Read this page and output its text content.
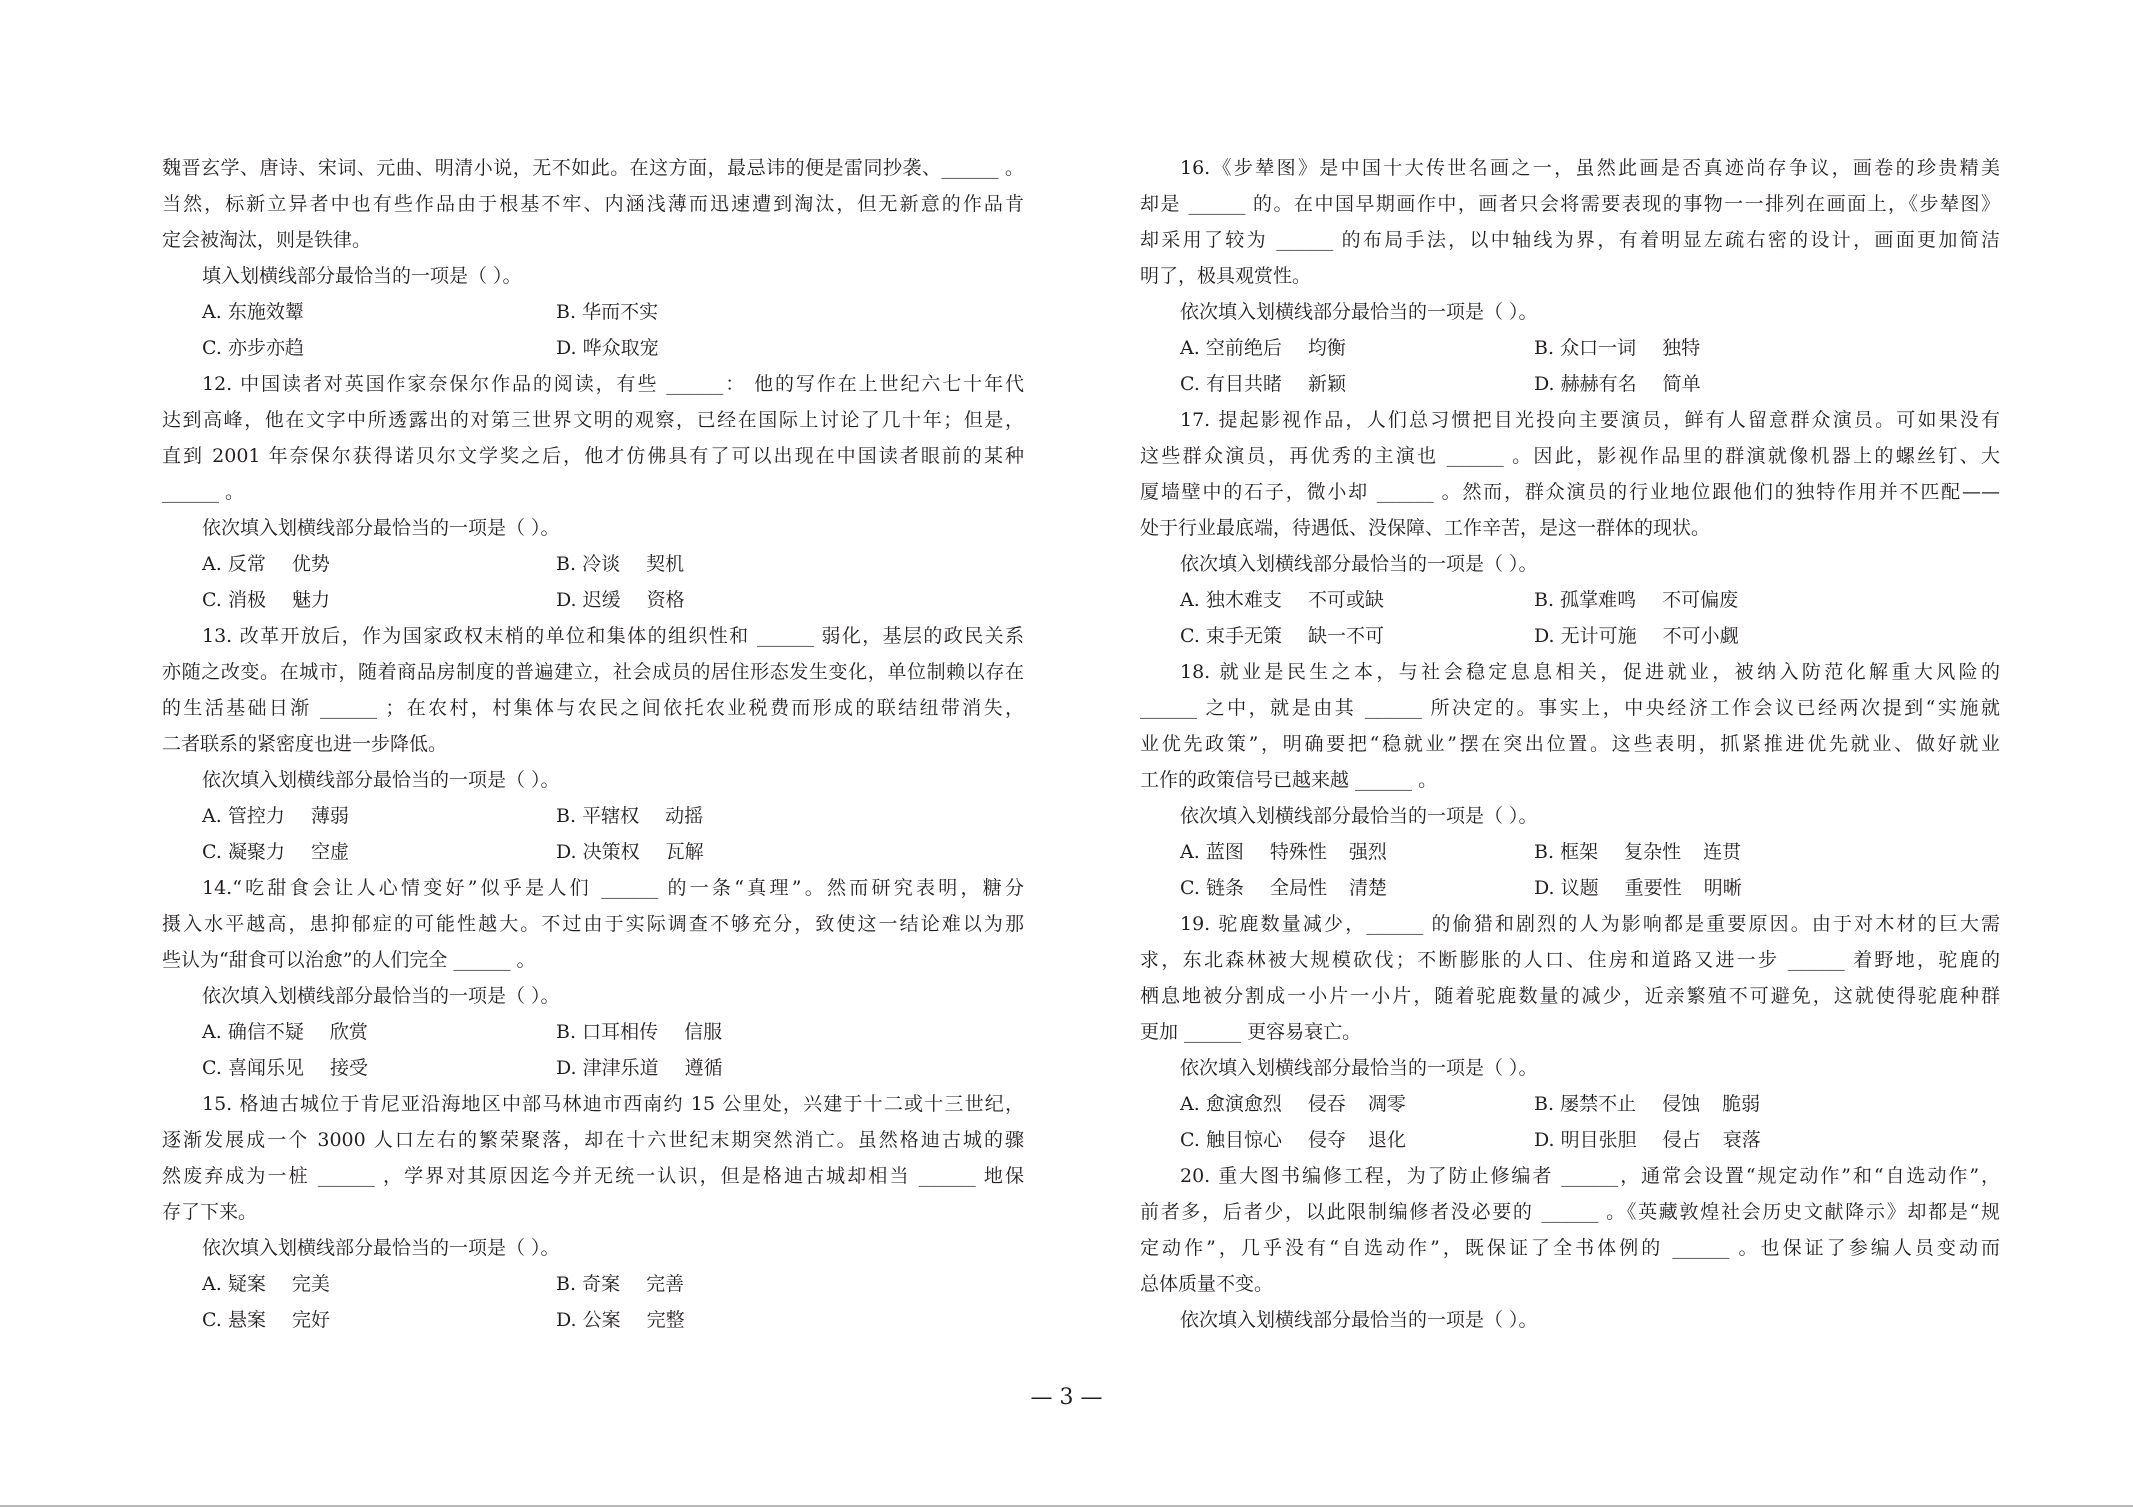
魏晋玄学、唐诗、宋词、元曲、明清小说，无不如此。在这方面，最忌讳的便是雷同抄袭、______ 。
当然，标新立异者中也有些作品由于根基不牢、内涵浅薄而迅速遭到淘汰，但无新意的作品肯
定会被淘汰，则是铁律。
填入划横线部分最恰当的一项是（ ）。
A. 东施效颦	B. 华而不实
C. 亦步亦趋	D. 哗众取宠
12. 中国读者对英国作家奈保尔作品的阅读，有些 ______： 他的写作在上世纪六七十年代
达到高峰，他在文字中所透露出的对第三世界文明的观察，已经在国际上讨论了几十年；但是，
直到 2001 年奈保尔获得诺贝尔文学奖之后，他才仿佛具有了可以出现在中国读者眼前的某种
______ 。
依次填入划横线部分最恰当的一项是（ ）。
A. 反常 优势	B. 冷谈 契机
C. 消极 魅力	D. 迟缓 资格
13. 改革开放后，作为国家政权末梢的单位和集体的组织性和 ______ 弱化，基层的政民关系
亦随之改变。在城市，随着商品房制度的普遍建立，社会成员的居住形态发生变化，单位制赖以存在
的生活基础日渐 ______ ；在农村，村集体与农民之间依托农业税费而形成的联结纽带消失，
二者联系的紧密度也进一步降低。
依次填入划横线部分最恰当的一项是（ ）。
A. 管控力 薄弱	B. 平辖权 动摇
C. 凝聚力 空虚	D. 决策权 瓦解
14.“吃甜食会让人心情变好”似乎是人们 ______ 的一条“真理”。然而研究表明，糖分
摄入水平越高，患抑郁症的可能性越大。不过由于实际调查不够充分，致使这一结论难以为那
些认为“甜食可以治愈”的人们完全 ______ 。
依次填入划横线部分最恰当的一项是（ ）。
A. 确信不疑 欣赏	B. 口耳相传 信服
C. 喜闻乐见 接受	D. 津津乐道 遵循
15. 格迪古城位于肯尼亚沿海地区中部马林迪市西南约 15 公里处，兴建于十二或十三世纪，
逐渐发展成一个 3000 人口左右的繁荣聚落，却在十六世纪末期突然消亡。虽然格迪古城的骤
然废弃成为一桩 ______ ，学界对其原因迄今并无统一认识，但是格迪古城却相当 ______ 地保
存了下来。
依次填入划横线部分最恰当的一项是（ ）。
A. 疑案 完美	B. 奇案 完善
C. 悬案 完好	D. 公案 完整
16.《步辇图》是中国十大传世名画之一，虽然此画是否真迹尚存争议，画卷的珍贵精美
却是 ______ 的。在中国早期画作中，画者只会将需要表现的事物一一排列在画面上，《步辇图》
却采用了较为 ______ 的布局手法，以中轴线为界，有着明显左疏右密的设计，画面更加简洁
明了，极具观赏性。
依次填入划横线部分最恰当的一项是（ ）。
A. 空前绝后 均衡	B. 众口一词 独特
C. 有目共睹 新颖	D. 赫赫有名 简单
17. 提起影视作品，人们总习惯把目光投向主要演员，鲜有人留意群众演员。可如果没有
这些群众演员，再优秀的主演也 ______ 。因此，影视作品里的群演就像机器上的螺丝钉、大
厦墙壁中的石子，微小却 ______ 。然而，群众演员的行业地位跟他们的独特作用并不匹配——
处于行业最底端，待遇低、没保障、工作辛苦，是这一群体的现状。
依次填入划横线部分最恰当的一项是（ ）。
A. 独木难支 不可或缺	B. 孤掌难鸣 不可偏废
C. 束手无策 缺一不可	D. 无计可施 不可小觑
18. 就业是民生之本，与社会稳定息息相关，促进就业，被纳入防范化解重大风险的
______ 之中，就是由其 ______ 所决定的。事实上，中央经济工作会议已经两次提到“实施就
业优先政策”，明确要把“稳就业”摆在突出位置。这些表明，抓紧推进优先就业、做好就业
工作的政策信号已越来越 ______ 。
依次填入划横线部分最恰当的一项是（ ）。
A. 蓝图 特殊性 强烈	B. 框架 复杂性 连贯
C. 链条 全局性 清楚	D. 议题 重要性 明晰
19. 驼鹿数量减少，______ 的偷猎和剧烈的人为影响都是重要原因。由于对木材的巨大需
求，东北森林被大规模砍伐；不断膨胀的人口、住房和道路又进一步 ______ 着野地，驼鹿的
栖息地被分割成一小片一小片，随着驼鹿数量的减少，近亲繁殖不可避免，这就使得驼鹿种群
更加 ______ 更容易衰亡。
依次填入划横线部分最恰当的一项是（ ）。
A. 愈演愈烈 侵吞 凋零	B. 屡禁不止 侵蚀 脆弱
C. 触目惊心 侵夺 退化	D. 明目张胆 侵占 衰落
20. 重大图书编修工程，为了防止修编者 ______，通常会设置“规定动作”和“自选动作”，
前者多，后者少，以此限制编修者没必要的 ______ 。《英藏敦煌社会历史文献降示》却都是“规
定动作”，几乎没有“自选动作”，既保证了全书体例的 ______ 。也保证了参编人员变动而
总体质量不变。
依次填入划横线部分最恰当的一项是（ ）。
— 3 —
